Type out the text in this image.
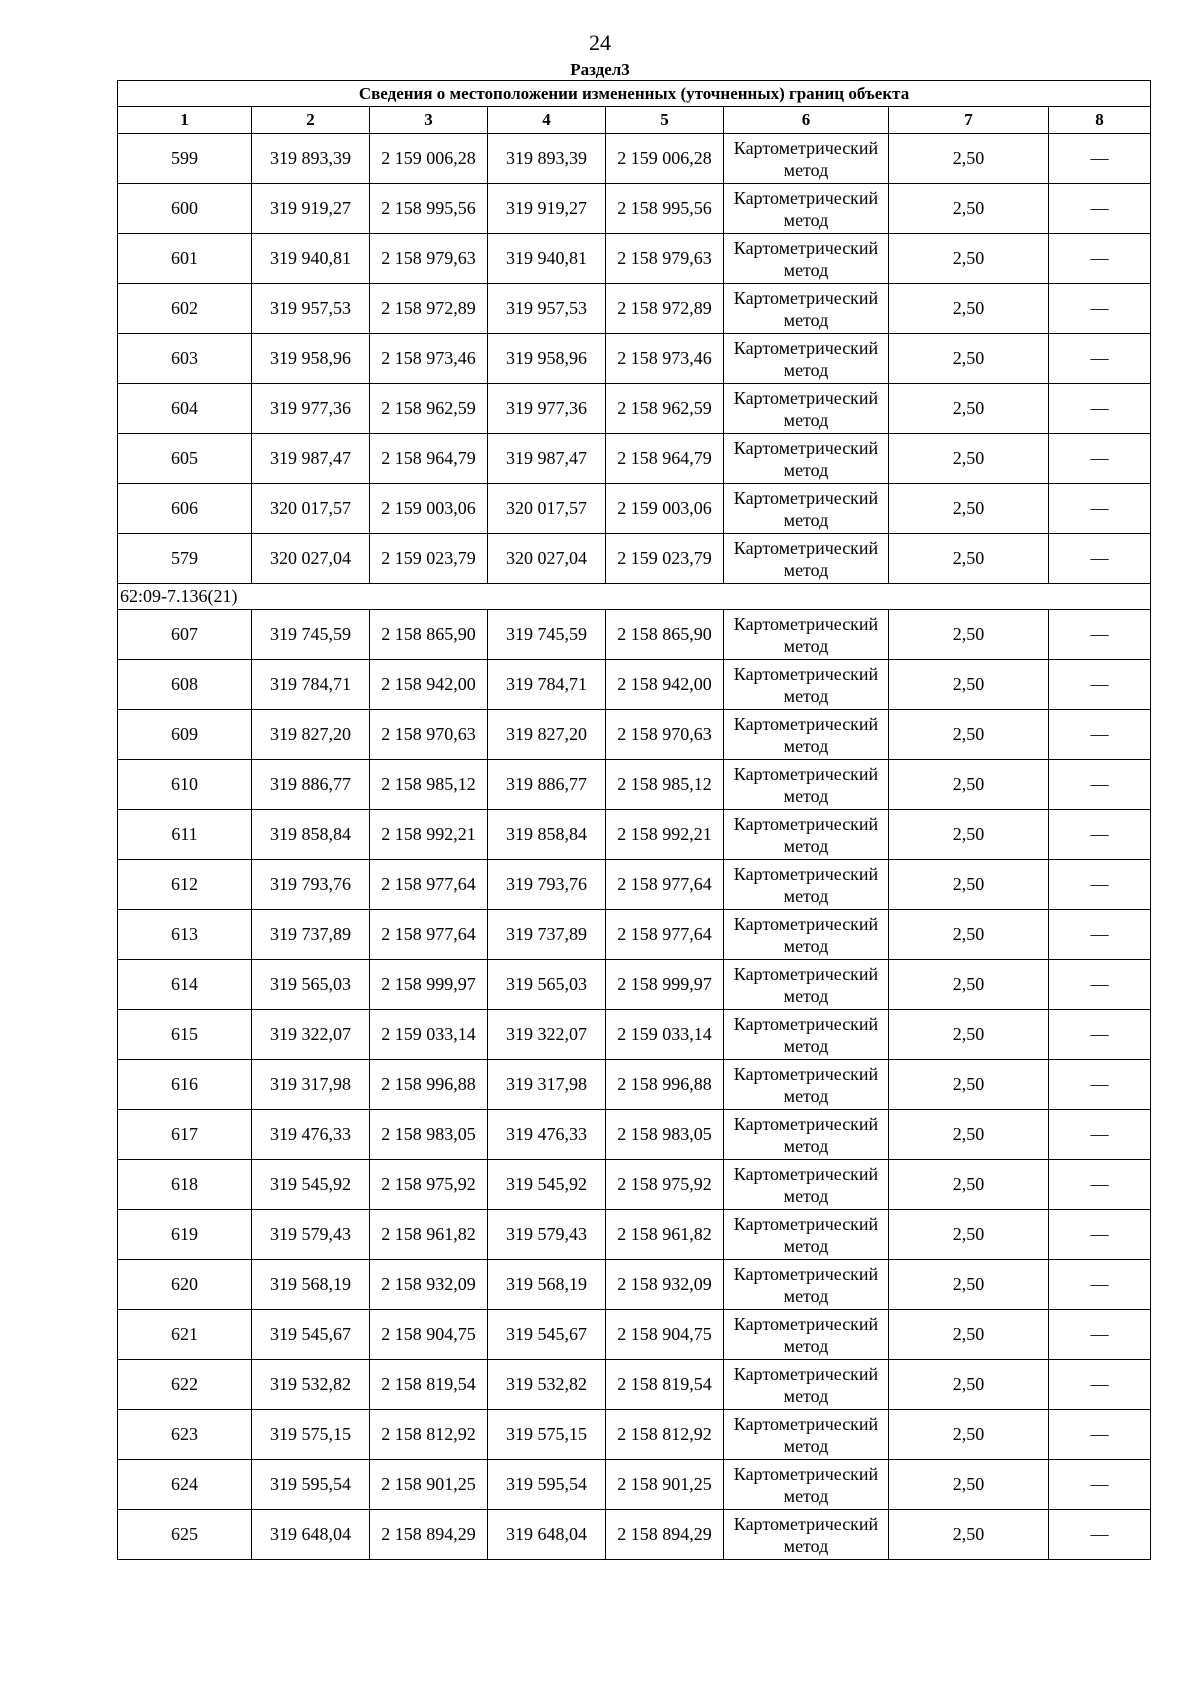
24
Раздел3
Сведения о местоположении измененных (уточненных) границ объекта							
1	2	3	4	5	6	7	8
599	319 893,39	2 159 006,28	319 893,39	2 159 006,28	Картометрический метод	2,50	—
600	319 919,27	2 158 995,56	319 919,27	2 158 995,56	Картометрический метод	2,50	—
601	319 940,81	2 158 979,63	319 940,81	2 158 979,63	Картометрический метод	2,50	—
602	319 957,53	2 158 972,89	319 957,53	2 158 972,89	Картометрический метод	2,50	—
603	319 958,96	2 158 973,46	319 958,96	2 158 973,46	Картометрический метод	2,50	—
604	319 977,36	2 158 962,59	319 977,36	2 158 962,59	Картометрический метод	2,50	—
605	319 987,47	2 158 964,79	319 987,47	2 158 964,79	Картометрический метод	2,50	—
606	320 017,57	2 159 003,06	320 017,57	2 159 003,06	Картометрический метод	2,50	—
579	320 027,04	2 159 023,79	320 027,04	2 159 023,79	Картометрический метод	2,50	—
62:09-7.136(21)							
607	319 745,59	2 158 865,90	319 745,59	2 158 865,90	Картометрический метод	2,50	—
608	319 784,71	2 158 942,00	319 784,71	2 158 942,00	Картометрический метод	2,50	—
609	319 827,20	2 158 970,63	319 827,20	2 158 970,63	Картометрический метод	2,50	—
610	319 886,77	2 158 985,12	319 886,77	2 158 985,12	Картометрический метод	2,50	—
611	319 858,84	2 158 992,21	319 858,84	2 158 992,21	Картометрический метод	2,50	—
612	319 793,76	2 158 977,64	319 793,76	2 158 977,64	Картометрический метод	2,50	—
613	319 737,89	2 158 977,64	319 737,89	2 158 977,64	Картометрический метод	2,50	—
614	319 565,03	2 158 999,97	319 565,03	2 158 999,97	Картометрический метод	2,50	—
615	319 322,07	2 159 033,14	319 322,07	2 159 033,14	Картометрический метод	2,50	—
616	319 317,98	2 158 996,88	319 317,98	2 158 996,88	Картометрический метод	2,50	—
617	319 476,33	2 158 983,05	319 476,33	2 158 983,05	Картометрический метод	2,50	—
618	319 545,92	2 158 975,92	319 545,92	2 158 975,92	Картометрический метод	2,50	—
619	319 579,43	2 158 961,82	319 579,43	2 158 961,82	Картометрический метод	2,50	—
620	319 568,19	2 158 932,09	319 568,19	2 158 932,09	Картометрический метод	2,50	—
621	319 545,67	2 158 904,75	319 545,67	2 158 904,75	Картометрический метод	2,50	—
622	319 532,82	2 158 819,54	319 532,82	2 158 819,54	Картометрический метод	2,50	—
623	319 575,15	2 158 812,92	319 575,15	2 158 812,92	Картометрический метод	2,50	—
624	319 595,54	2 158 901,25	319 595,54	2 158 901,25	Картометрический метод	2,50	—
625	319 648,04	2 158 894,29	319 648,04	2 158 894,29	Картометрический метод	2,50	—
